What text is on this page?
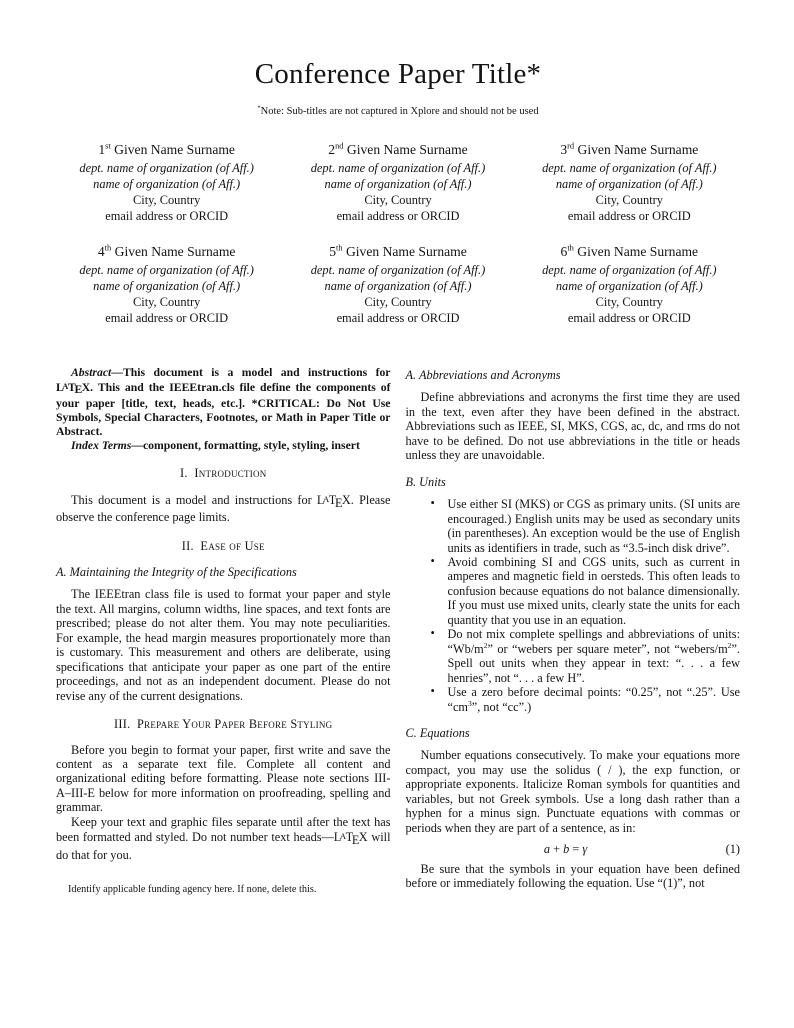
Conference Paper Title*
*Note: Sub-titles are not captured in Xplore and should not be used
1st Given Name Surname
dept. name of organization (of Aff.)
name of organization (of Aff.)
City, Country
email address or ORCID
2nd Given Name Surname
dept. name of organization (of Aff.)
name of organization (of Aff.)
City, Country
email address or ORCID
3rd Given Name Surname
dept. name of organization (of Aff.)
name of organization (of Aff.)
City, Country
email address or ORCID
4th Given Name Surname
dept. name of organization (of Aff.)
name of organization (of Aff.)
City, Country
email address or ORCID
5th Given Name Surname
dept. name of organization (of Aff.)
name of organization (of Aff.)
City, Country
email address or ORCID
6th Given Name Surname
dept. name of organization (of Aff.)
name of organization (of Aff.)
City, Country
email address or ORCID

Abstract—This document is a model and instructions for LATEX. This and the IEEEtran.cls file define the components of your paper [title, text, heads, etc.]. *CRITICAL: Do Not Use Symbols, Special Characters, Footnotes, or Math in Paper Title or Abstract.

Index Terms—component, formatting, style, styling, insert

I.  Introduction

This document is a model and instructions for LATEX. Please observe the conference page limits.

II.  Ease of Use
A. Maintaining the Integrity of the Specifications

The IEEEtran class file is used to format your paper and style the text. All margins, column widths, line spaces, and text fonts are prescribed; please do not alter them. You may note peculiarities. For example, the head margin measures proportionately more than is customary. This measurement and others are deliberate, using specifications that anticipate your paper as one part of the entire proceedings, and not as an independent document. Please do not revise any of the current designations.

III.  Prepare Your Paper Before Styling

Before you begin to format your paper, first write and save the content as a separate text file. Complete all content and organizational editing before formatting. Please note sections III-A–III-E below for more information on proofreading, spelling and grammar.

Keep your text and graphic files separate until after the text has been formatted and styled. Do not number text heads—LATEX will do that for you.

Identify applicable funding agency here. If none, delete this.
A. Abbreviations and Acronyms

Define abbreviations and acronyms the first time they are used in the text, even after they have been defined in the abstract. Abbreviations such as IEEE, SI, MKS, CGS, ac, dc, and rms do not have to be defined. Do not use abbreviations in the title or heads unless they are unavoidable.

B. Units
• Use either SI (MKS) or CGS as primary units. (SI units are encouraged.) English units may be used as secondary units (in parentheses). An exception would be the use of English units as identifiers in trade, such as “3.5-inch disk drive”.
• Avoid combining SI and CGS units, such as current in amperes and magnetic field in oersteds. This often leads to confusion because equations do not balance dimensionally. If you must use mixed units, clearly state the units for each quantity that you use in an equation.
• Do not mix complete spellings and abbreviations of units: “$Wb/m^2$” or “webers per square meter”, not “$webers/m^2$”. Spell out units when they appear in text: “. . . a few henries”, not “. . . a few H”.
• Use a zero before decimal points: “0.25”, not “.25”. Use “$cm^3$”, not “cc”.)
C. Equations

Number equations consecutively. To make your equations more compact, you may use the solidus ( / ), the exp function, or appropriate exponents. Italicize Roman symbols for quantities and variables, but not Greek symbols. Use a long dash rather than a hyphen for a minus sign. Punctuate equations with commas or periods when they are part of a sentence, as in:

a + b = γ	(1)

Be sure that the symbols in your equation have been defined before or immediately following the equation. Use “(1)”, not
